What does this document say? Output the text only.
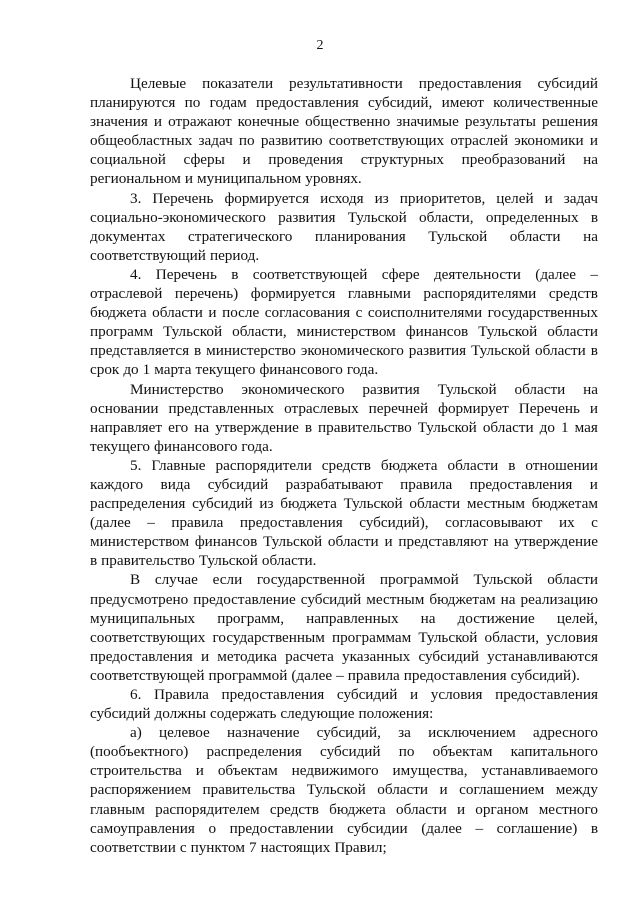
2
Целевые показатели результативности предоставления субсидий
планируются по годам предоставления субсидий, имеют количественные
значения и отражают конечные общественно значимые результаты решения
общеобластных задач по развитию соответствующих отраслей экономики и
социальной сферы и проведения структурных преобразований на
региональном и муниципальном уровнях.
3. Перечень формируется исходя из приоритетов, целей и задач
социально-экономического развития Тульской области, определенных в
документах стратегического планирования Тульской области на
соответствующий период.
4. Перечень в соответствующей сфере деятельности (далее –
отраслевой перечень) формируется главными распорядителями средств
бюджета области и после согласования с соисполнителями государственных
программ Тульской области, министерством финансов Тульской области
представляется в министерство экономического развития Тульской области в
срок до 1 марта текущего финансового года.
Министерство экономического развития Тульской области на
основании представленных отраслевых перечней формирует Перечень и
направляет его на утверждение в правительство Тульской области до 1 мая
текущего финансового года.
5. Главные распорядители средств бюджета области в отношении
каждого вида субсидий разрабатывают правила предоставления и
распределения субсидий из бюджета Тульской области местным бюджетам
(далее – правила предоставления субсидий), согласовывают их с
министерством финансов Тульской области и представляют на утверждение
в правительство Тульской области.
В случае если государственной программой Тульской области
предусмотрено предоставление субсидий местным бюджетам на реализацию
муниципальных программ, направленных на достижение целей,
соответствующих государственным программам Тульской области, условия
предоставления и методика расчета указанных субсидий устанавливаются
соответствующей программой (далее – правила предоставления субсидий).
6. Правила предоставления субсидий и условия предоставления
субсидий должны содержать следующие положения:
а) целевое назначение субсидий, за исключением адресного
(пообъектного) распределения субсидий по объектам капитального
строительства и объектам недвижимого имущества, устанавливаемого
распоряжением правительства Тульской области и соглашением между
главным распорядителем средств бюджета области и органом местного
самоуправления о предоставлении субсидии (далее – соглашение) в
соответствии с пунктом 7 настоящих Правил;
